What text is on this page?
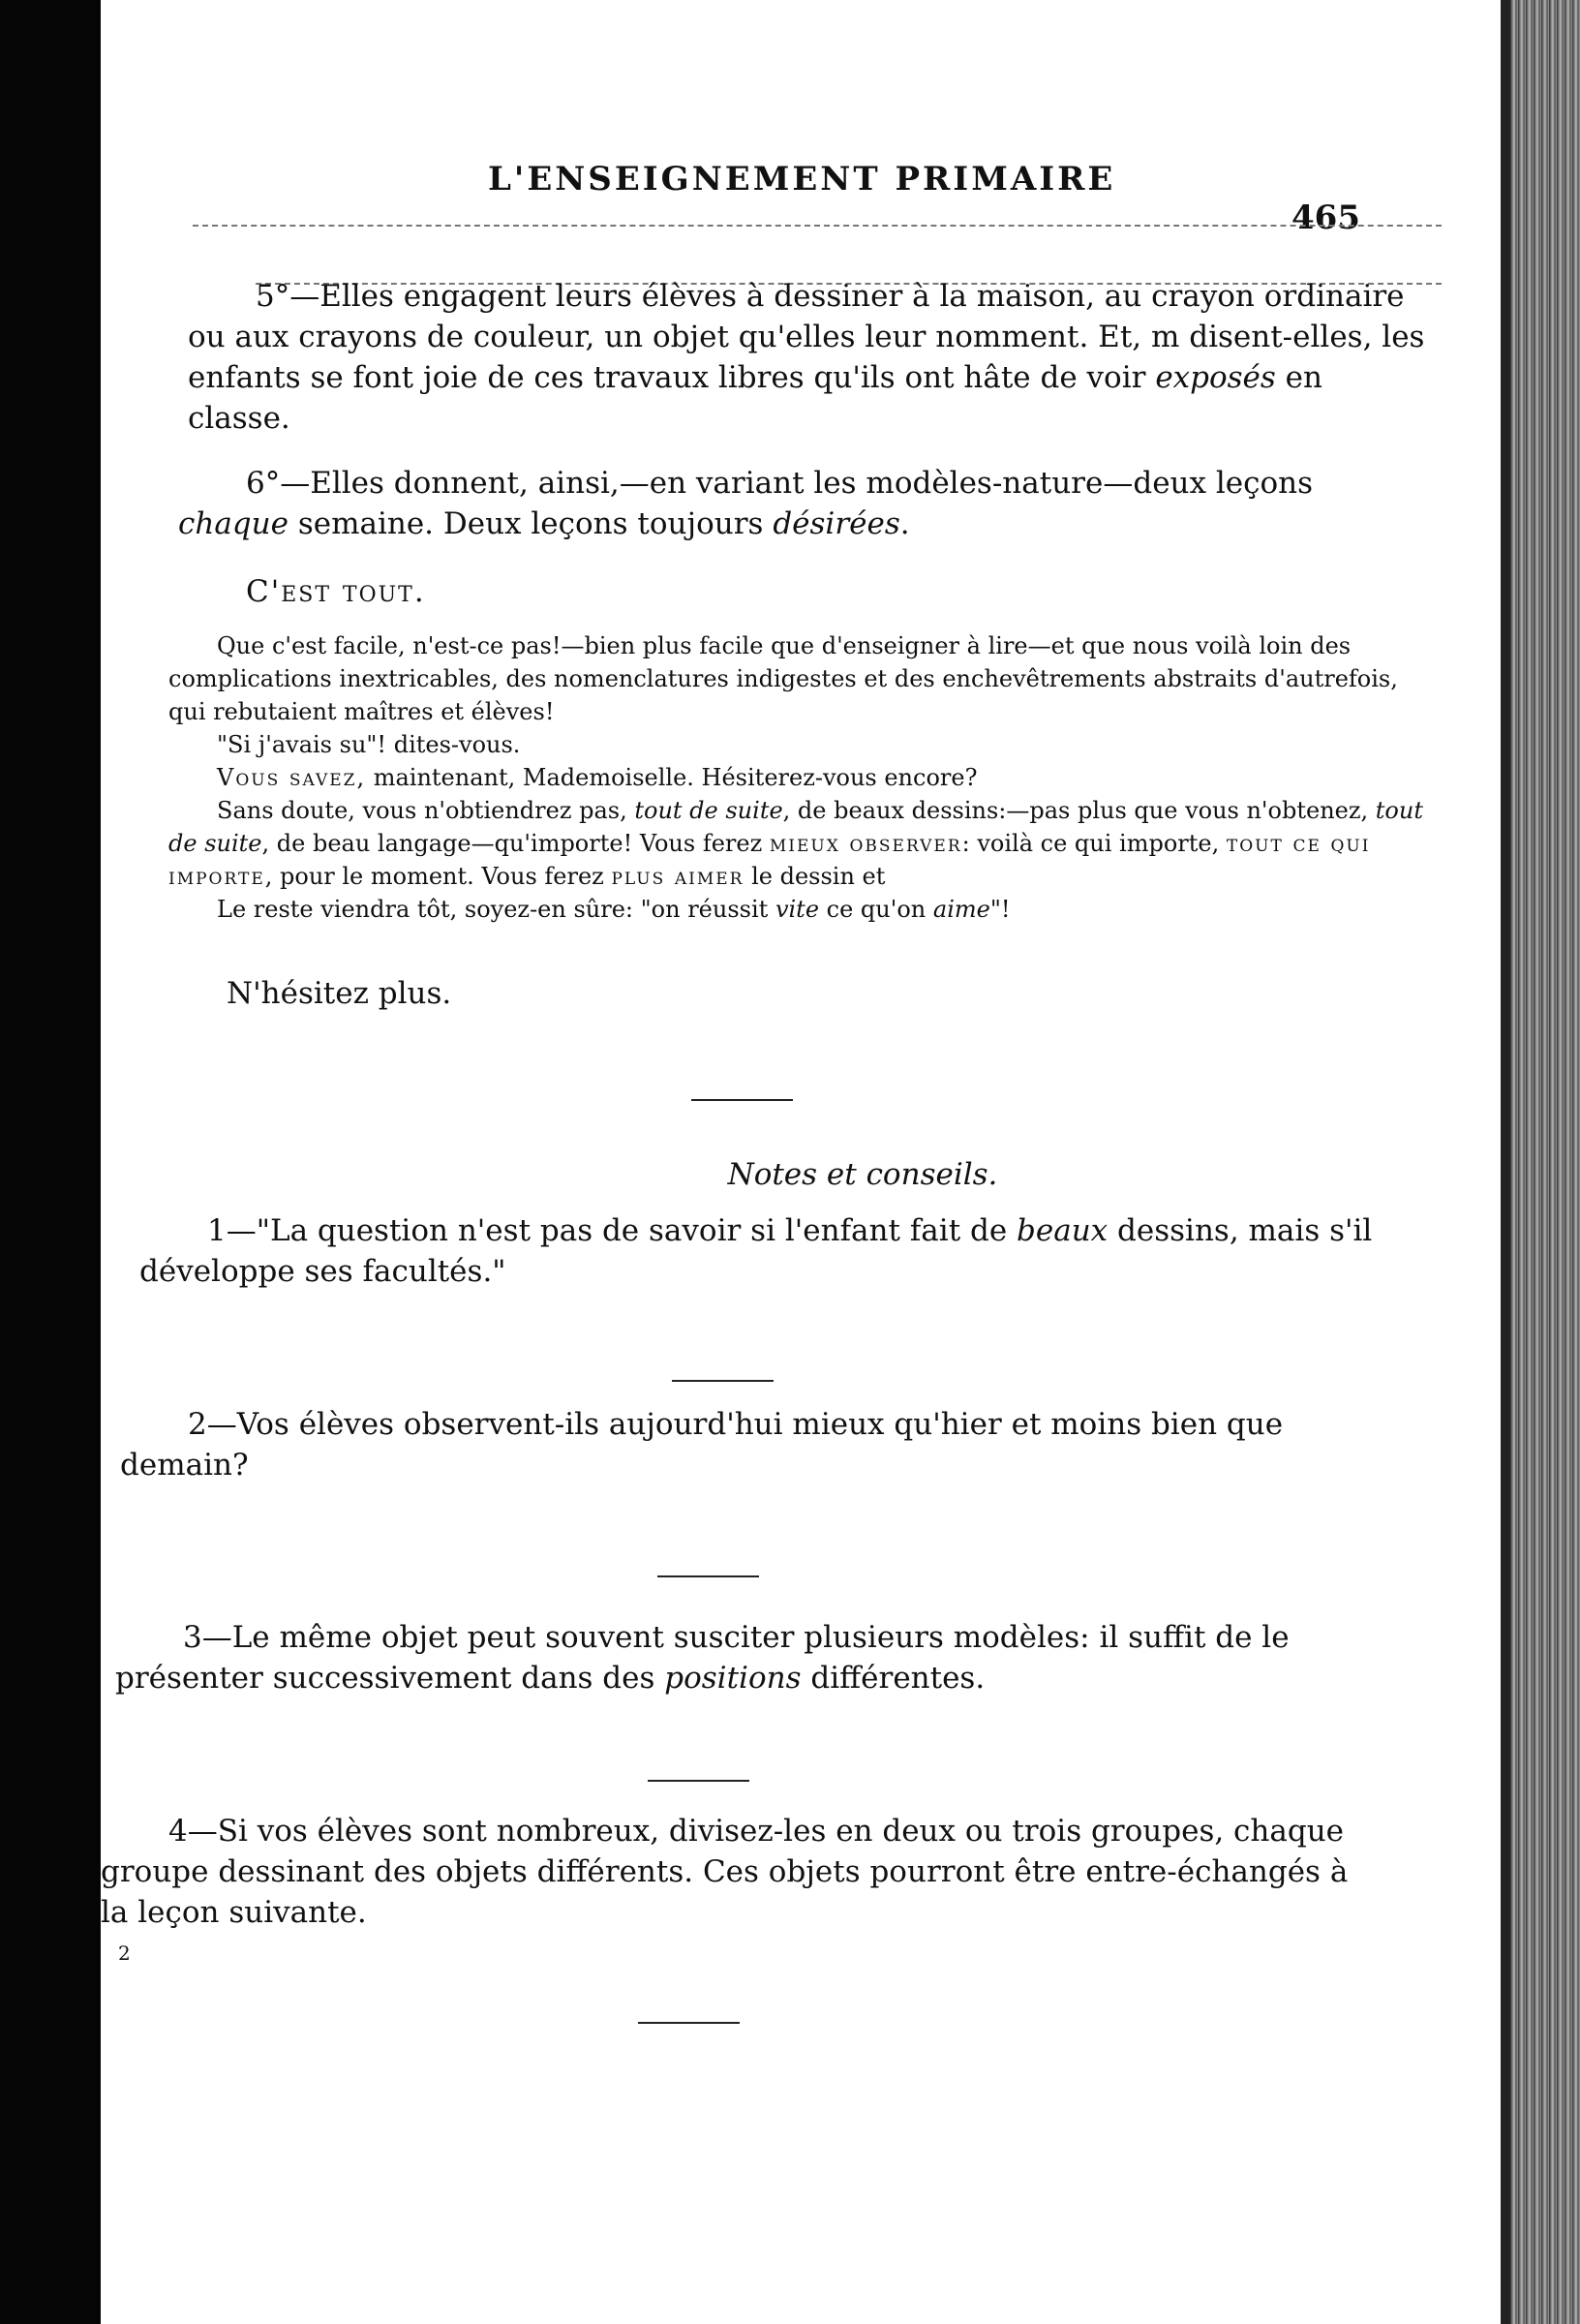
L'ENSEIGNEMENT PRIMAIRE
465
5°—Elles engagent leurs élèves à dessiner à la maison, au crayon ordinaire ou aux crayons de couleur, un objet qu'elles leur nomment. Et, m disent-elles, les enfants se font joie de ces travaux libres qu'ils ont hâte de voir exposés en classe.
6°—Elles donnent, ainsi,—en variant les modèles-nature—deux leçons chaque semaine. Deux leçons toujours désirées.
C'est tout.
Que c'est facile, n'est-ce pas!—bien plus facile que d'enseigner à lire—et que nous voilà loin des complications inextricables, des nomenclatures indigestes et des enchevêtrements abstraits d'autrefois, qui rebutaient maîtres et élèves!
"Si j'avais su"! dites-vous.
Vous savez, maintenant, Mademoiselle. Hésiterez-vous encore?
Sans doute, vous n'obtiendrez pas, tout de suite, de beaux dessins:—pas plus que vous n'obtenez, tout de suite, de beau langage—qu'importe! Vous ferez mieux observer: voilà ce qui importe, tout ce qui importe, pour le moment. Vous ferez plus aimer le dessin et
Le reste viendra tôt, soyez-en sûre: "on réussit vite ce qu'on aime"!
N'hésitez plus.
Notes et conseils.
1—"La question n'est pas de savoir si l'enfant fait de beaux dessins, mais s'il développe ses facultés."
2—Vos élèves observent-ils aujourd'hui mieux qu'hier et moins bien que demain?
3—Le même objet peut souvent susciter plusieurs modèles: il suffit de le présenter successivement dans des positions différentes.
4—Si vos élèves sont nombreux, divisez-les en deux ou trois groupes, chaque groupe dessinant des objets différents. Ces objets pourront être entre-échangés à la leçon suivante.
2
